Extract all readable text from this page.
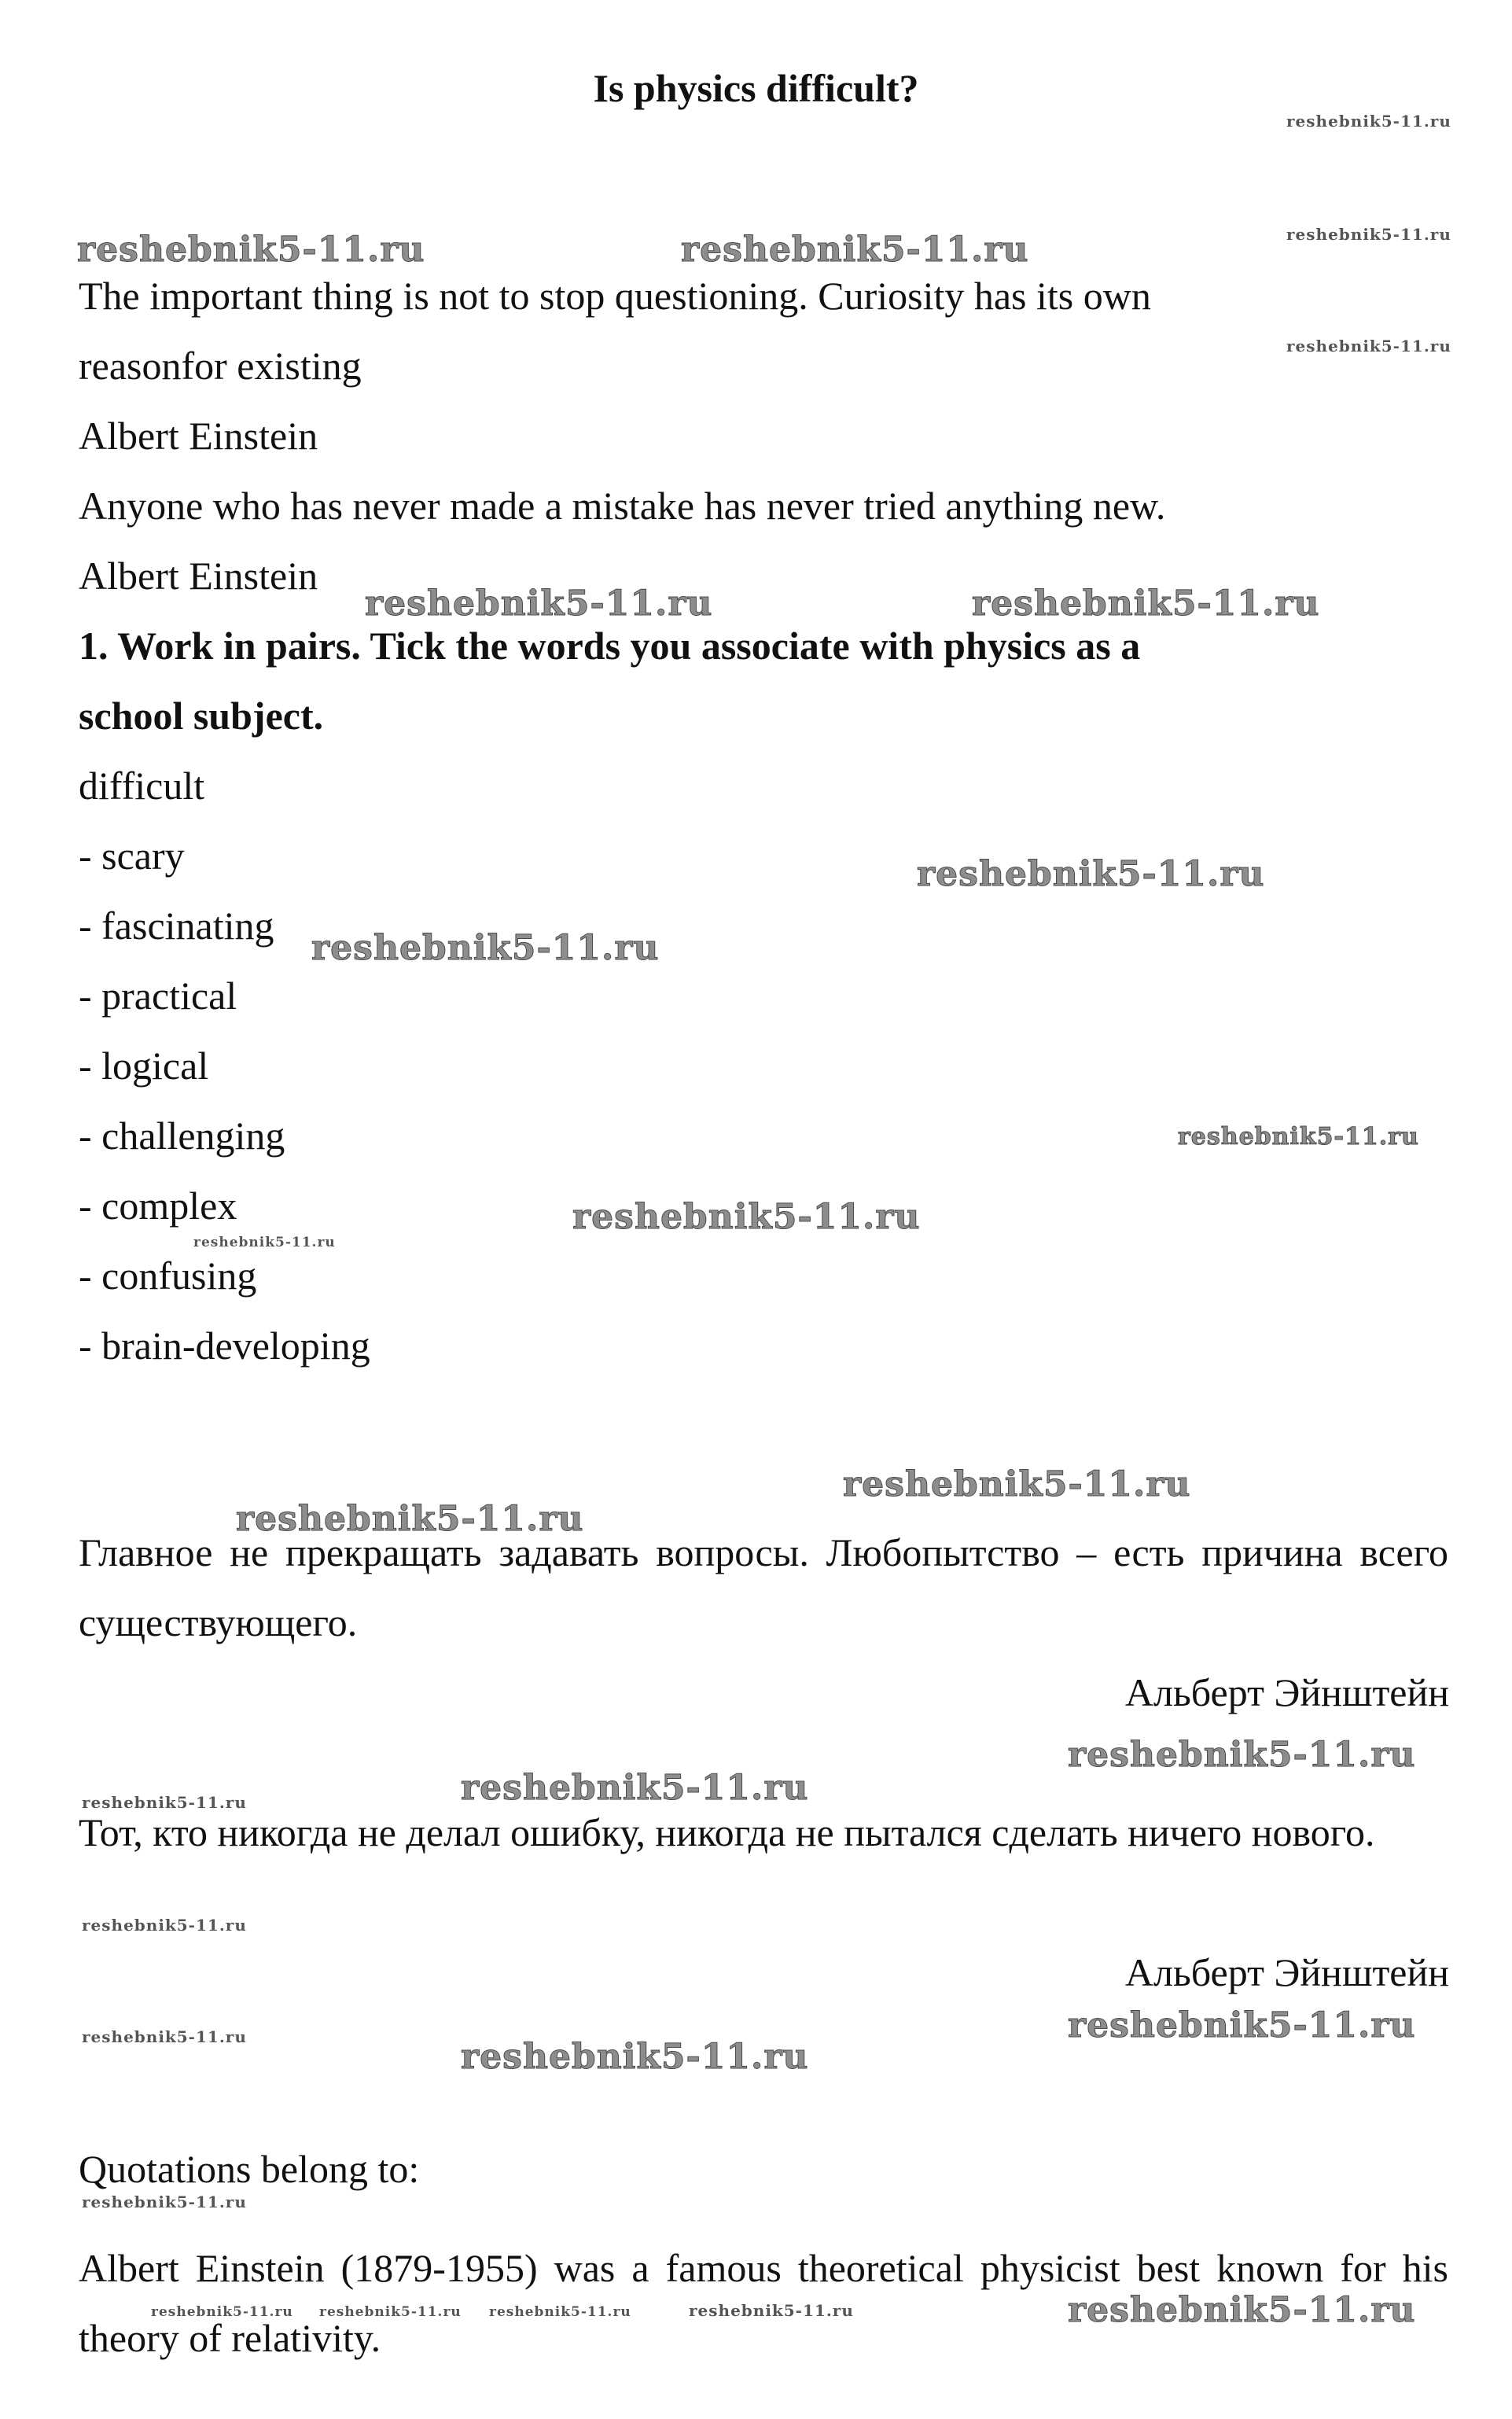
Is physics difficult?
The important thing is not to stop questioning. Curiosity has its own
reasonfor existing
Albert Einstein
Anyone who has never made a mistake has never tried anything new.
Albert Einstein
1. Work in pairs. Tick the words you associate with physics as a
school subject.
difficult
- scary
- fascinating
- practical
- logical
- challenging
- complex
- confusing
- brain-developing
Главное не прекращать задавать вопросы. Любопытство – есть причина всего существующего.
Альберт Эйнштейн
Тот, кто никогда не делал ошибку, никогда не пытался сделать ничего нового.
Альберт Эйнштейн
Quotations belong to:
Albert Einstein (1879-1955) was a famous theoretical physicist best known for his theory of relativity.
reshebnik5-11.ru
reshebnik5-11.ru	reshebnik5-11.ru	reshebnik5-11.ru
reshebnik5-11.ru
reshebnik5-11.ru	reshebnik5-11.ru
reshebnik5-11.ru
reshebnik5-11.ru
reshebnik5-11.ru
reshebnik5-11.ru
reshebnik5-11.ru
reshebnik5-11.ru
reshebnik5-11.ru
reshebnik5-11.ru
reshebnik5-11.ru
reshebnik5-11.ru
reshebnik5-11.ru
reshebnik5-11.ru
reshebnik5-11.ru	reshebnik5-11.ru
reshebnik5-11.ru
reshebnik5-11.ru reshebnik5-11.ru reshebnik5-11.ru	reshebnik5-11.ru	reshebnik5-11.ru
